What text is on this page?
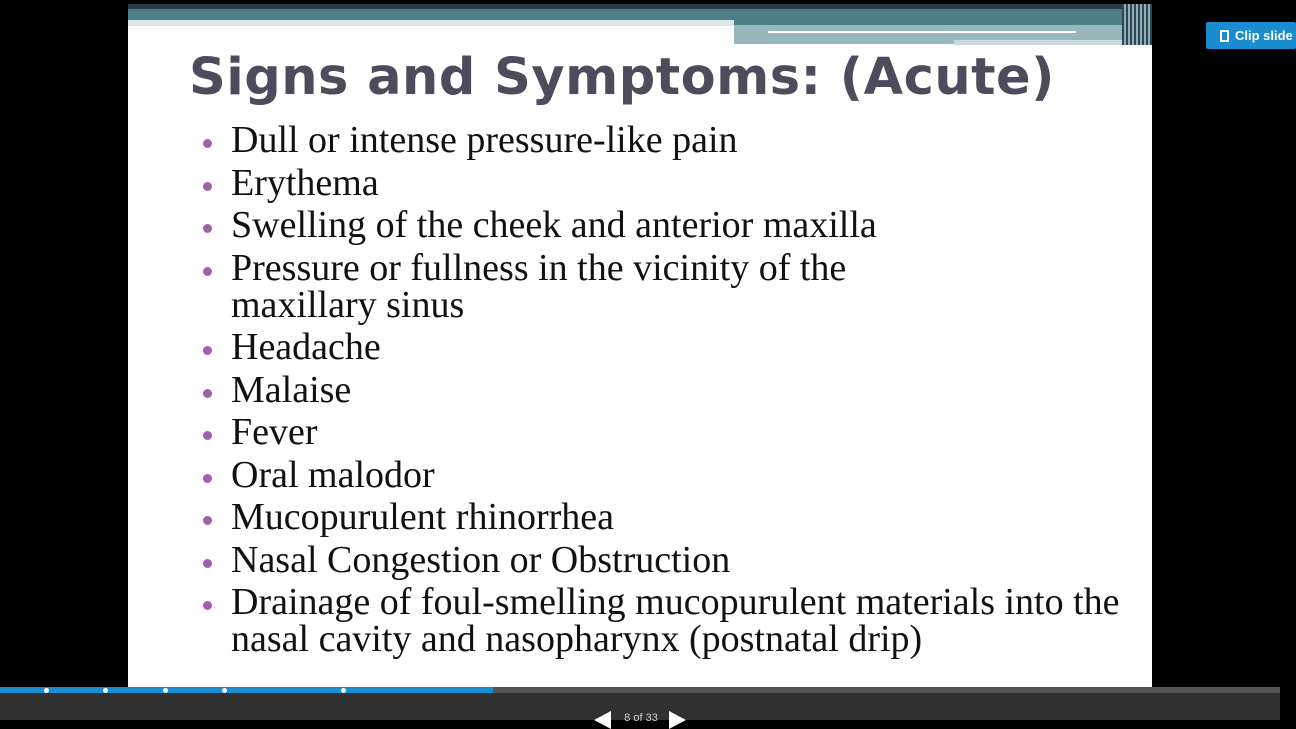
Signs and Symptoms: (Acute)
Dull or intense pressure-like pain
Erythema
Swelling of the cheek and anterior maxilla
Pressure or fullness in the vicinity of the maxillary sinus
Headache
Malaise
Fever
Oral malodor
Mucopurulent rhinorrhea
Nasal Congestion or Obstruction
Drainage of foul-smelling mucopurulent materials into the nasal cavity and nasopharynx (postnatal drip)
Clip slide
8 of 33
